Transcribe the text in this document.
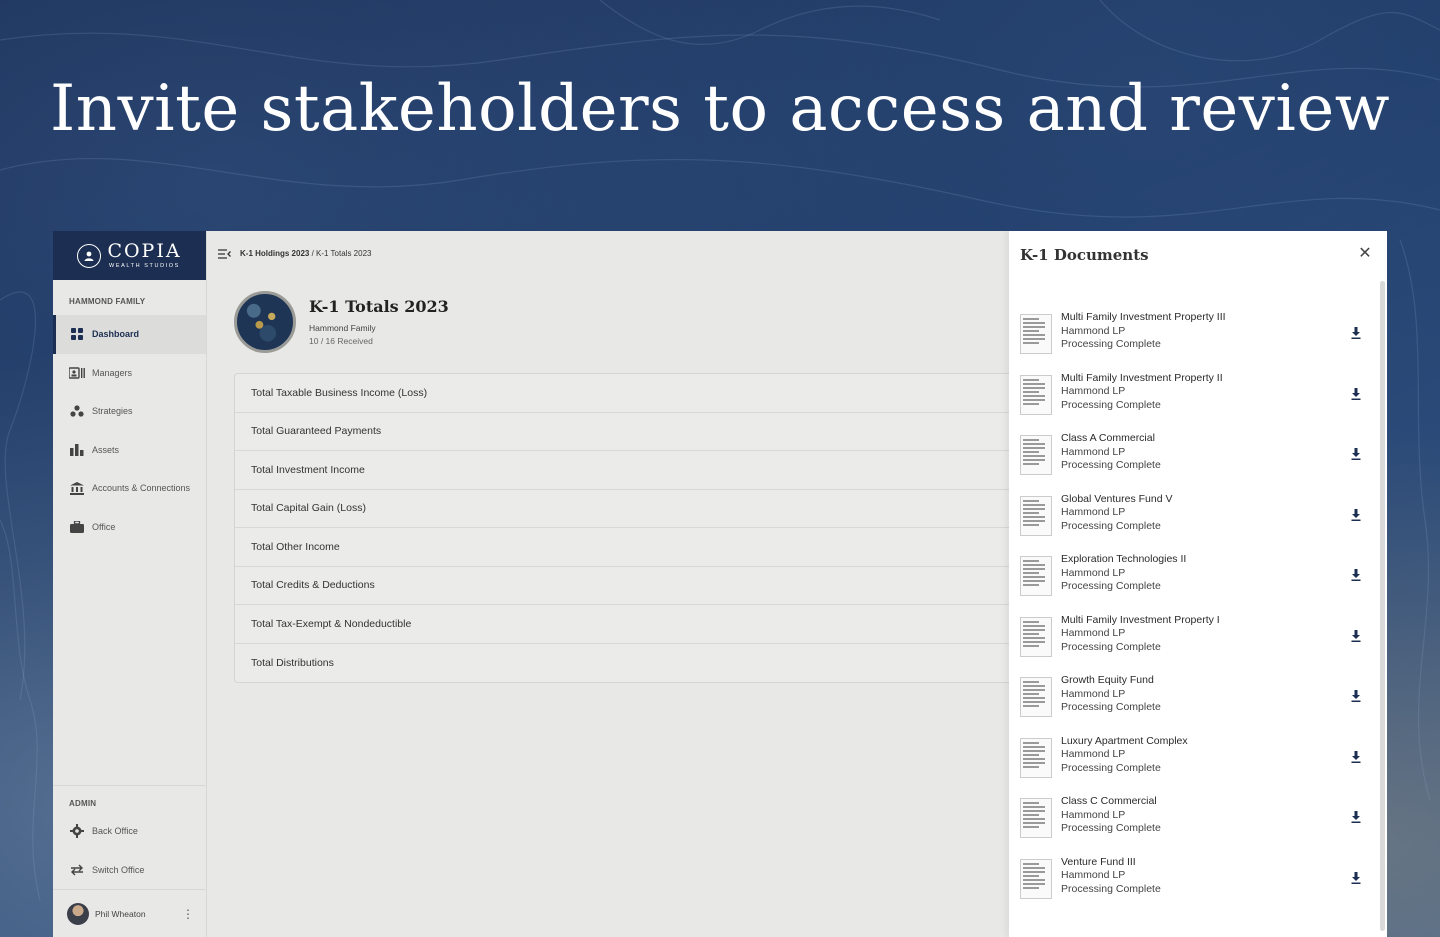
Invite stakeholders to access and review
COPIA
WEALTH STUDIOS
HAMMOND FAMILY
Dashboard
Managers
Strategies
Assets
Accounts & Connections
Office
ADMIN
Back Office
Switch Office
Phil Wheaton	⋮
K-1 Holdings 2023 / K-1 Totals 2023
K-1 Totals 2023
Hammond Family
10 / 16 Received
Total Taxable Business Income (Loss)
Total Guaranteed Payments
Total Investment Income
Total Capital Gain (Loss)
Total Other Income
Total Credits & Deductions
Total Tax-Exempt & Nondeductible
Total Distributions
K-1 Documents	✕
Multi Family Investment Property III
Hammond LP
Processing Complete
Multi Family Investment Property II
Hammond LP
Processing Complete
Class A Commercial
Hammond LP
Processing Complete
Global Ventures Fund V
Hammond LP
Processing Complete
Exploration Technologies II
Hammond LP
Processing Complete
Multi Family Investment Property I
Hammond LP
Processing Complete
Growth Equity Fund
Hammond LP
Processing Complete
Luxury Apartment Complex
Hammond LP
Processing Complete
Class C Commercial
Hammond LP
Processing Complete
Venture Fund III
Hammond LP
Processing Complete
